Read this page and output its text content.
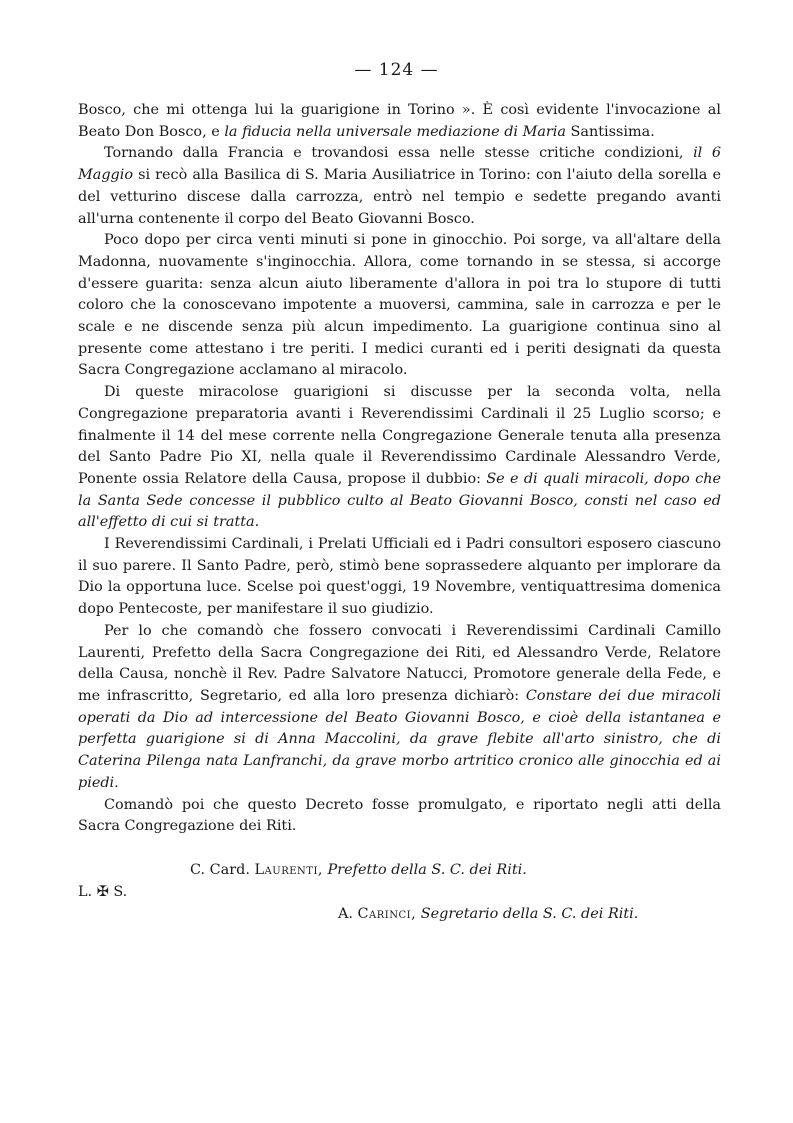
— 124 —

Bosco, che mi ottenga lui la guarigione in Torino ». È così evidente l'invocazione al Beato Don Bosco, e la fiducia nella universale mediazione di Maria Santissima.

Tornando dalla Francia e trovandosi essa nelle stesse critiche condizioni, il 6 Maggio si recò alla Basilica di S. Maria Ausiliatrice in Torino: con l'aiuto della sorella e del vetturino discese dalla carrozza, entrò nel tempio e sedette pregando avanti all'urna contenente il corpo del Beato Giovanni Bosco.

Poco dopo per circa venti minuti si pone in ginocchio. Poi sorge, va all'altare della Madonna, nuovamente s'inginocchia. Allora, come tornando in se stessa, si accorge d'essere guarita: senza alcun aiuto liberamente d'allora in poi tra lo stupore di tutti coloro che la conoscevano impotente a muoversi, cammina, sale in carrozza e per le scale e ne discende senza più alcun impedimento. La guarigione continua sino al presente come attestano i tre periti. I medici curanti ed i periti designati da questa Sacra Congregazione acclamano al miracolo.

Di queste miracolose guarigioni si discusse per la seconda volta, nella Congregazione preparatoria avanti i Reverendissimi Cardinali il 25 Luglio scorso; e finalmente il 14 del mese corrente nella Congregazione Generale tenuta alla presenza del Santo Padre Pio XI, nella quale il Reverendissimo Cardinale Alessandro Verde, Ponente ossia Relatore della Causa, propose il dubbio: Se e di quali miracoli, dopo che la Santa Sede concesse il pubblico culto al Beato Giovanni Bosco, consti nel caso ed all'effetto di cui si tratta.

I Reverendissimi Cardinali, i Prelati Ufficiali ed i Padri consultori esposero ciascuno il suo parere. Il Santo Padre, però, stimò bene soprassedere alquanto per implorare da Dio la opportuna luce. Scelse poi quest'oggi, 19 Novembre, ventiquattresima domenica dopo Pentecoste, per manifestare il suo giudizio.

Per lo che comandò che fossero convocati i Reverendissimi Cardinali Camillo Laurenti, Prefetto della Sacra Congregazione dei Riti, ed Alessandro Verde, Relatore della Causa, nonchè il Rev. Padre Salvatore Natucci, Promotore generale della Fede, e me infrascritto, Segretario, ed alla loro presenza dichiarò: Constare dei due miracoli operati da Dio ad intercessione del Beato Giovanni Bosco, e cioè della istantanea e perfetta guarigione si di Anna Maccolini, da grave flebite all'arto sinistro, che di Caterina Pilenga nata Lanfranchi, da grave morbo artritico cronico alle ginocchia ed ai piedi.

Comandò poi che questo Decreto fosse promulgato, e riportato negli atti della Sacra Congregazione dei Riti.

C. Card. Laurenti, Prefetto della S. C. dei Riti.
L. ✠ S.
A. Carinci, Segretario della S. C. dei Riti.
